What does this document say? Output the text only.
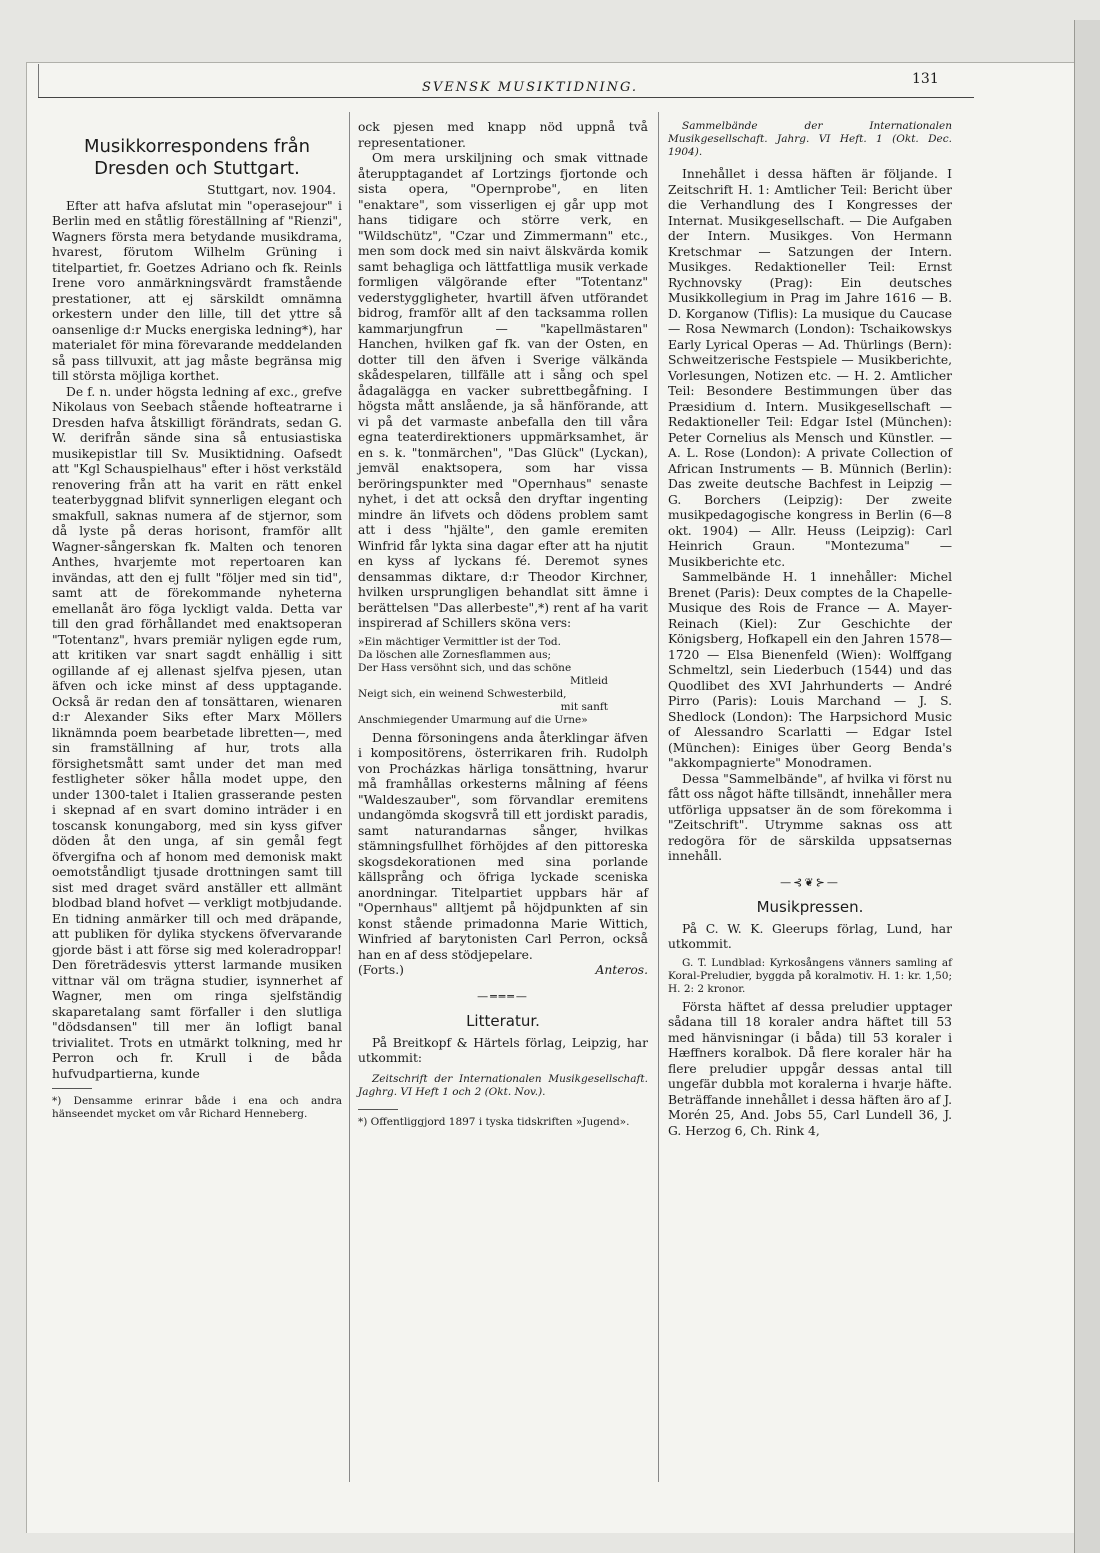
SVENSK MUSIKTIDNING.
131
Musikkorrespondens från Dresden och Stuttgart.

Stuttgart, nov. 1904.

Efter att hafva afslutat min "operasejour" i Berlin med en ståtlig föreställning af "Rienzi", Wagners första mera betydande musikdrama, hvarest, förutom Wilhelm Grüning i titelpartiet, fr. Goetzes Adriano och fk. Reinls Irene voro anmärkningsvärdt framstående prestationer, att ej särskildt omnämna orkestern under den lille, till det yttre så oansenlige d:r Mucks energiska ledning*), har materialet för mina förevarande meddelanden så pass tillvuxit, att jag måste begränsa mig till största möjliga korthet.

De f. n. under högsta ledning af exc., grefve Nikolaus von Seebach stående hofteatrarne i Dresden hafva åtskilligt förändrats, sedan G. W. derifrån sände sina så entusiastiska musikepistlar till Sv. Musiktidning. Oafsedt att "Kgl Schauspielhaus" efter i höst verkstäld renovering från att ha varit en rätt enkel teaterbyggnad blifvit synnerligen elegant och smakfull, saknas numera af de stjernor, som då lyste på deras horisont, framför allt Wagner-sångerskan fk. Malten och tenoren Anthes, hvarjemte mot repertoaren kan invändas, att den ej fullt "följer med sin tid", samt att de förekommande nyheterna emellanåt äro föga lyckligt valda. Detta var till den grad förhållandet med enaktsoperan "Totentanz", hvars premiär nyligen egde rum, att kritiken var snart sagdt enhällig i sitt ogillande af ej allenast sjelfva pjesen, utan äfven och icke minst af dess upptagande. Också är redan den af tonsättaren, wienaren d:r Alexander Siks efter Marx Möllers liknämnda poem bearbetade libretten—, med sin framställning af hur, trots alla försighetsmått samt under det man med festligheter söker hålla modet uppe, den under 1300-talet i Italien grasserande pesten i skepnad af en svart domino inträder i en toscansk konungaborg, med sin kyss gifver döden åt den unga, af sin gemål fegt öfvergifna och af honom med demonisk makt oemotståndligt tjusade drottningen samt till sist med draget svärd anställer ett allmänt blodbad bland hofvet — verkligt motbjudande. En tidning anmärker till och med dräpande, att publiken för dylika styckens öfvervarande gjorde bäst i att förse sig med koleradroppar! Den företrädesvis ytterst larmande musiken vittnar väl om trägna studier, isynnerhet af Wagner, men om ringa sjelfständig skaparetalang samt förfaller i den slutliga "dödsdansen" till mer än lofligt banal trivialitet. Trots en utmärkt tolkning, med hr Perron och fr. Krull i de båda hufvudpartierna, kunde

*) Densamme erinrar både i ena och andra hänseendet mycket om vår Richard Henneberg.

ock pjesen med knapp nöd uppnå två representationer.

Om mera urskiljning och smak vittnade återupptagandet af Lortzings fjortonde och sista opera, "Opernprobe", en liten "enaktare", som visserligen ej går upp mot hans tidigare och större verk, en "Wildschütz", "Czar und Zimmermann" etc., men som dock med sin naivt älskvärda komik samt behagliga och lättfattliga musik verkade formligen välgörande efter "Totentanz" vederstyggligheter, hvartill äfven utförandet bidrog, framför allt af den tacksamma rollen kammarjungfrun — "kapellmästaren" Hanchen, hvilken gaf fk. van der Osten, en dotter till den äfven i Sverige välkända skådespelaren, tillfälle att i sång och spel ådagalägga en vacker subrettbegåfning. I högsta mått anslående, ja så hänförande, att vi på det varmaste anbefalla den till våra egna teaterdirektioners uppmärksamhet, är en s. k. "tonmärchen", "Das Glück" (Lyckan), jemväl enaktsopera, som har vissa beröringspunkter med "Opernhaus" senaste nyhet, i det att också den dryftar ingenting mindre än lifvets och dödens problem samt att i dess "hjälte", den gamle eremiten Winfrid får lykta sina dagar efter att ha njutit en kyss af lyckans fé. Deremot synes densammas diktare, d:r Theodor Kirchner, hvilken ursprungligen behandlat sitt ämne i berättelsen "Das allerbeste",*) rent af ha varit inspirerad af Schillers sköna vers:

»Ein mächtiger Vermittler ist der Tod.
Da löschen alle Zornesflammen aus;
Der Hass versöhnt sich, und das schöne
Mitleid
Neigt sich, ein weinend Schwesterbild,
mit sanft
Anschmiegender Umarmung auf die Urne»

Denna försoningens anda återklingar äfven i kompositörens, österrikaren frih. Rudolph von Procházkas härliga tonsättning, hvarur må framhållas orkesterns målning af féens "Waldeszauber", som förvandlar eremitens undangömda skogsvrå till ett jordiskt paradis, samt naturandarnas sånger, hvilkas stämningsfullhet förhöjdes af den pittoreska skogsdekorationen med sina porlande källsprång och öfriga lyckade sceniska anordningar. Titelpartiet uppbars här af "Opernhaus" alltjemt på höjdpunkten af sin konst stående primadonna Marie Wittich, Winfried af barytonisten Carl Perron, också han en af dess stödjepelare.

(Forts.)	Anteros.
—═══—
Litteratur.

På Breitkopf & Härtels förlag, Leipzig, har utkommit:

Zeitschrift der Internationalen Musikgesellschaft. Jaghrg. VI Heft 1 och 2 (Okt. Nov.).

*) Offentliggjord 1897 i tyska tidskriften »Jugend».

Sammelbände der Internationalen Musikgesellschaft. Jahrg. VI Heft. 1 (Okt. Dec. 1904).

Innehållet i dessa häften är följande. I Zeitschrift H. 1: Amtlicher Teil: Bericht über die Verhandlung des I Kongresses der Internat. Musikgesellschaft. — Die Aufgaben der Intern. Musikges. Von Hermann Kretschmar — Satzungen der Intern. Musikges. Redaktioneller Teil: Ernst Rychnovsky (Prag): Ein deutsches Musikkollegium in Prag im Jahre 1616 — B. D. Korganow (Tiflis): La musique du Caucase — Rosa Newmarch (London): Tschaikowskys Early Lyrical Operas — Ad. Thürlings (Bern): Schweitzerische Festspiele — Musikberichte, Vorlesungen, Notizen etc. — H. 2. Amtlicher Teil: Besondere Bestimmungen über das Præsidium d. Intern. Musikgesellschaft — Redaktioneller Teil: Edgar Istel (München): Peter Cornelius als Mensch und Künstler. — A. L. Rose (London): A private Collection of African Instruments — B. Münnich (Berlin): Das zweite deutsche Bachfest in Leipzig — G. Borchers (Leipzig): Der zweite musikpedagogische kongress in Berlin (6—8 okt. 1904) — Allr. Heuss (Leipzig): Carl Heinrich Graun. "Montezuma" — Musikberichte etc.

Sammelbände H. 1 innehåller: Michel Brenet (Paris): Deux comptes de la Chapelle-Musique des Rois de France — A. Mayer-Reinach (Kiel): Zur Geschichte der Königsberg, Hofkapell ein den Jahren 1578—1720 — Elsa Bienenfeld (Wien): Wolffgang Schmeltzl, sein Liederbuch (1544) und das Quodlibet des XVI Jahrhunderts — André Pirro (Paris): Louis Marchand — J. S. Shedlock (London): The Harpsichord Music of Alessandro Scarlatti — Edgar Istel (München): Einiges über Georg Benda's "akkompagnierte" Monodramen.

Dessa "Sammelbände", af hvilka vi först nu fått oss något häfte tillsändt, innehåller mera utförliga uppsatser än de som förekomma i "Zeitschrift". Utrymme saknas oss att redogöra för de särskilda uppsatsernas innehåll.

—⊰❦⊱—
Musikpressen.

På C. W. K. Gleerups förlag, Lund, har utkommit.

G. T. Lundblad: Kyrkosångens vänners samling af Koral-Preludier, byggda på koralmotiv. H. 1: kr. 1,50; H. 2: 2 kronor.

Första häftet af dessa preludier upptager sådana till 18 koraler andra häftet till 53 med hänvisningar (i båda) till 53 koraler i Hæffners koralbok. Då flere koraler här ha flere preludier uppgår dessas antal till ungefär dubbla mot koralerna i hvarje häfte. Beträffande innehållet i dessa häften äro af J. Morén 25, And. Jobs 55, Carl Lundell 36, J. G. Herzog 6, Ch. Rink 4,
